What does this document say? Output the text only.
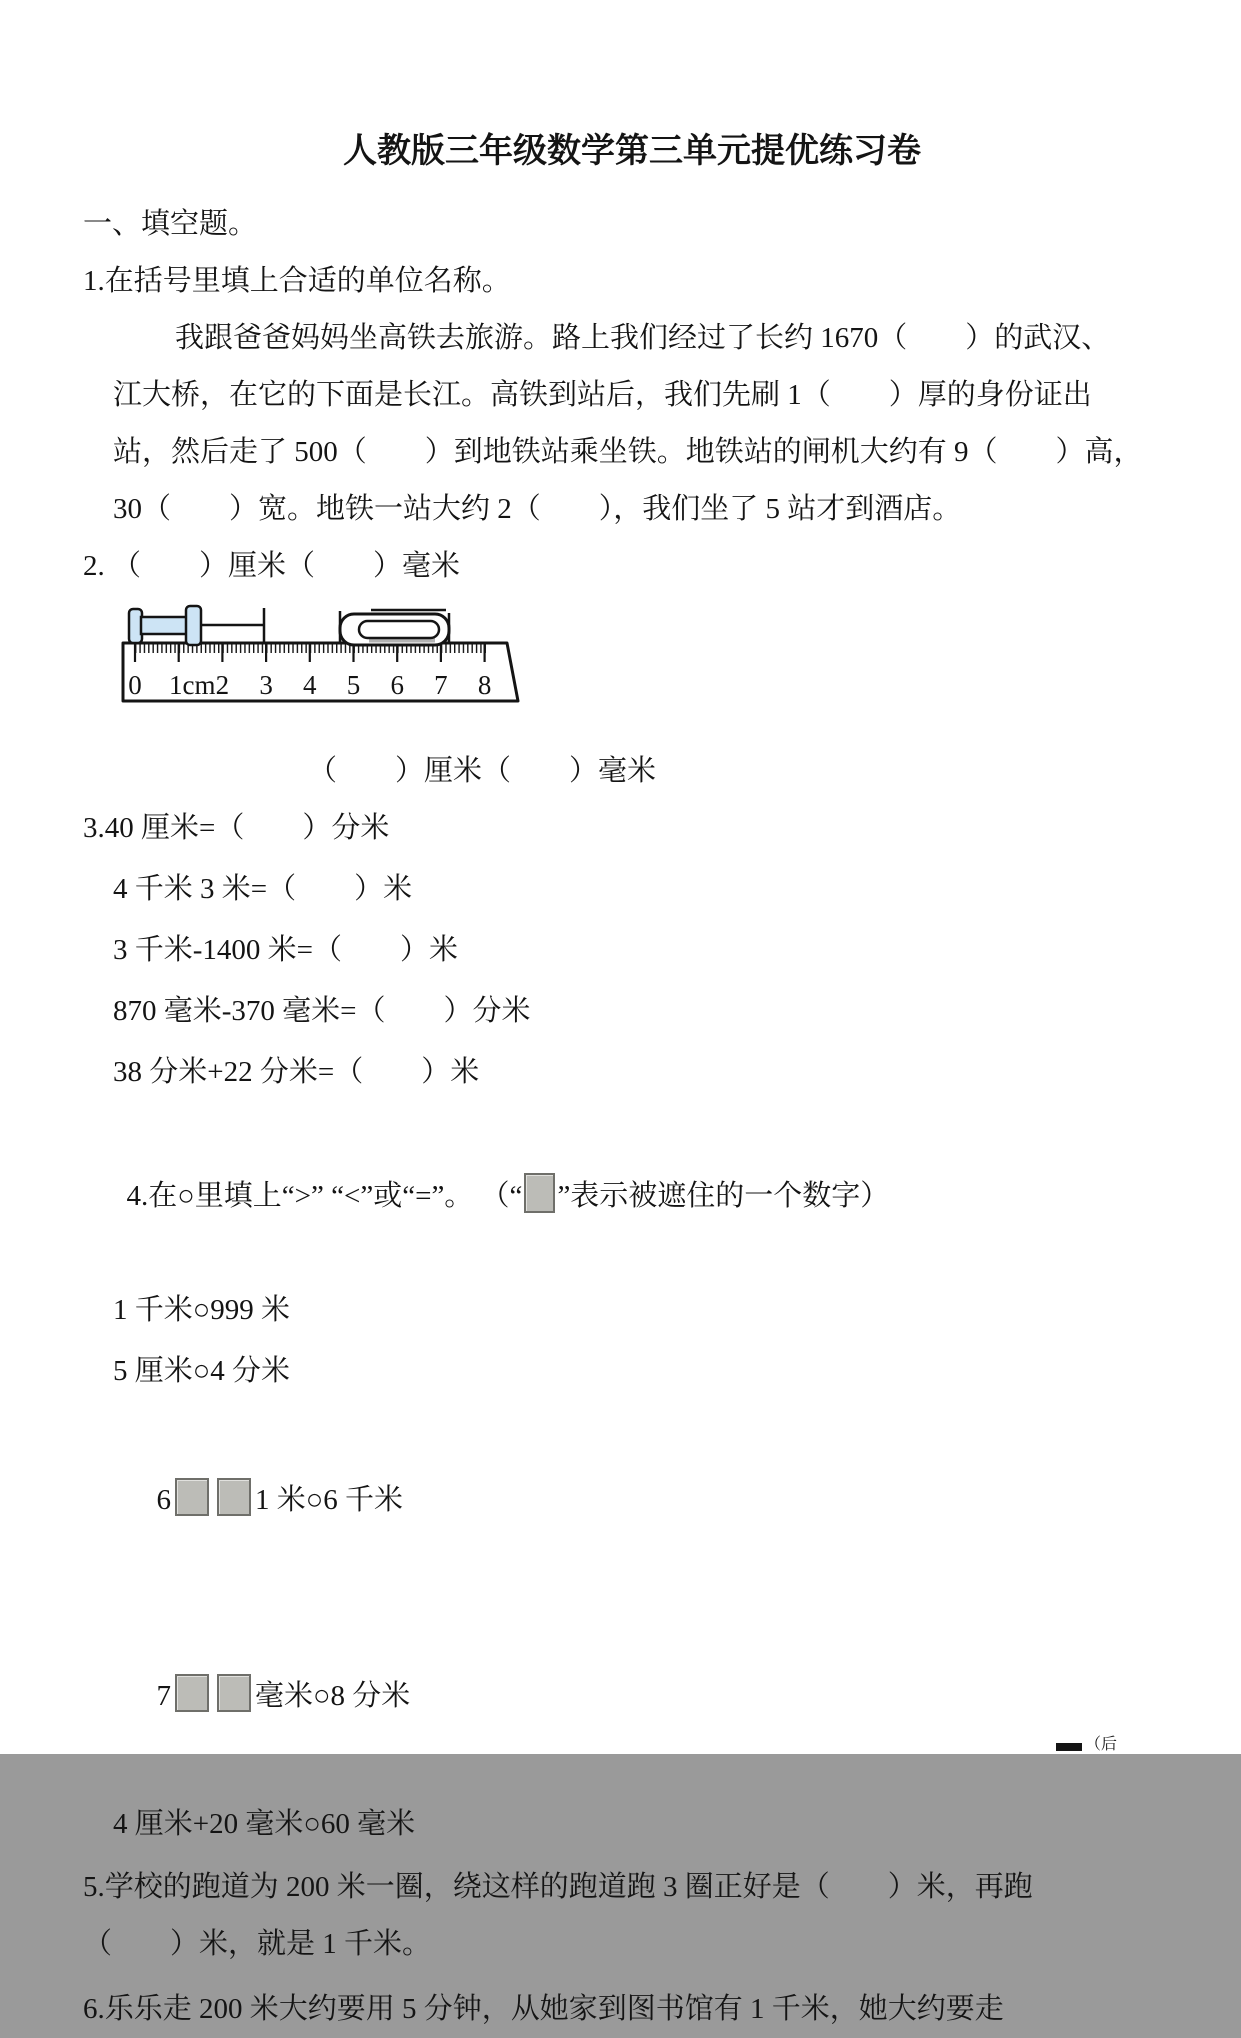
人教版三年级数学第三单元提优练习卷
一、填空题。
1.在括号里填上合适的单位名称。
我跟爸爸妈妈坐高铁去旅游。路上我们经过了长约 1670（　　）的武汉、
江大桥，在它的下面是长江。高铁到站后，我们先刷 1（　　）厚的身份证出
站，然后走了 500（　　）到地铁站乘坐铁。地铁站的闸机大约有 9（　　）高，
30（　　）宽。地铁一站大约 2（　　），我们坐了 5 站才到酒店。
2. （　　）厘米（　　）毫米
0 1cm 2 3 4 5 6 7 8
（　　）厘米（　　）毫米
3.40 厘米=（　　）分米
4 千米 3 米=（　　）米
3 千米-1400 米=（　　）米
870 毫米-370 毫米=（　　）分米
38 分米+22 分米=（　　）米

4.在○里填上“>” “<”或“=”。 （“ ”表示被遮住的一个数字）

1 千米○999 米
5 厘米○4 分米

6	1 米○6 千米

7	毫米○8 分米

4 厘米+20 毫米○60 毫米
5.学校的跑道为 200 米一圈，绕这样的跑道跑 3 圈正好是（　　）米，再跑
（　　）米，就是 1 千米。
6.乐乐走 200 米大约要用 5 分钟，从她家到图书馆有 1 千米，她大约要走
（后
